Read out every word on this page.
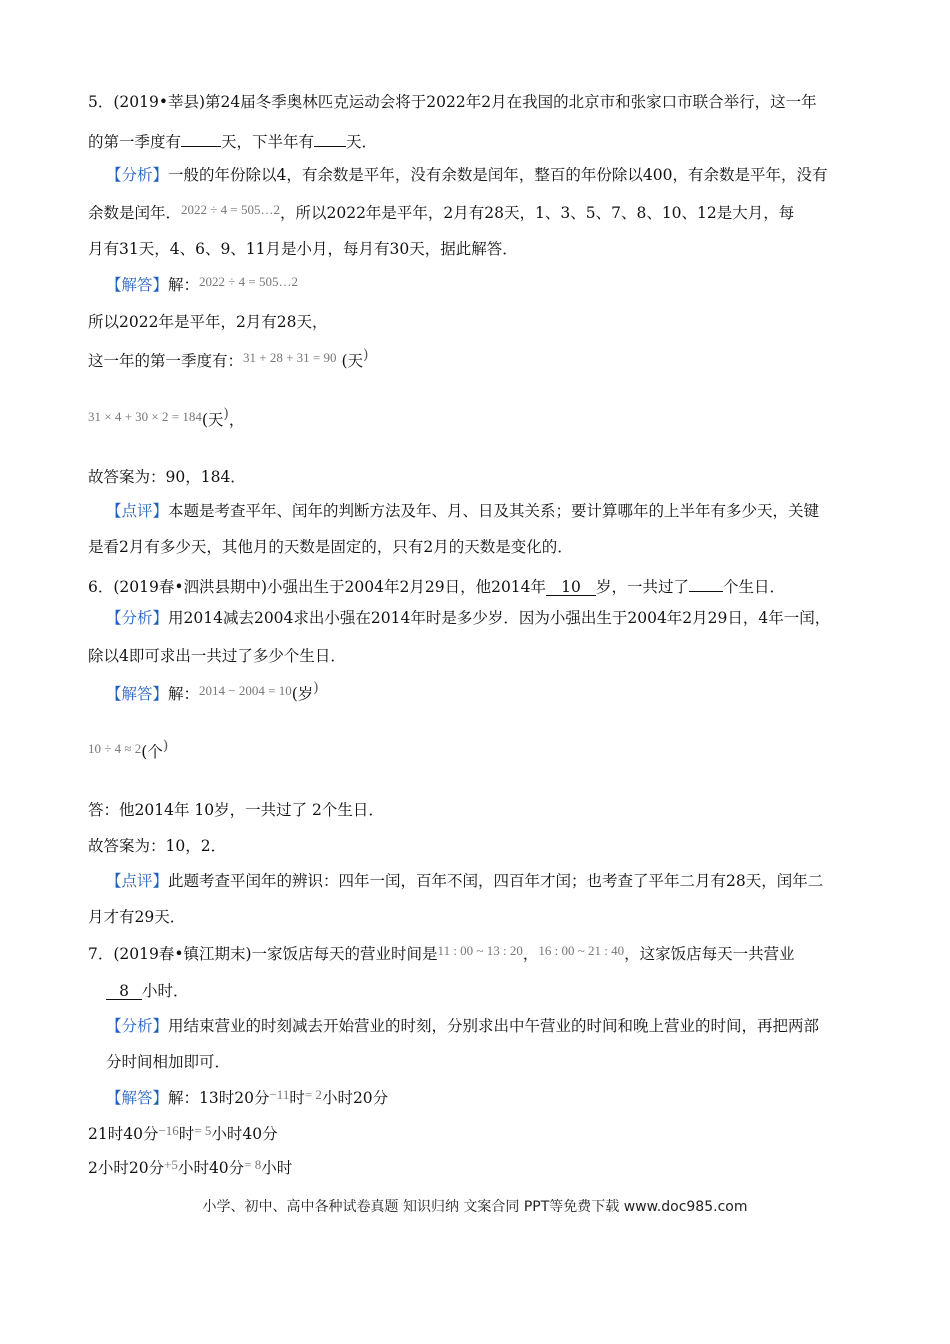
5．(2019•莘县)第24届冬季奥林匹克运动会将于2022年2月在我国的北京市和张家口市联合举行，这一年
的第一季度有	天，下半年有 天．
【分析】一般的年份除以4，有余数是平年，没有余数是闰年，整百的年份除以400，有余数是平年，没有
余数是闰年．$^{2022 \div 4 = 505\dots 2}$，所以2022年是平年，2月有28天，1、3、5、7、8、10、12是大月，每
月有31天，4、6、9、11月是小月，每月有30天，据此解答．
【解答】解：$^{2022 \div 4 = 505\dots 2}$
所以2022年是平年，2月有28天，
这一年的第一季度有：$^{31 + 28 + 31 = 90}$ (天)
$^{31 \times 4 + 30 \times 2 = 184}$(天)，
故答案为：90，184．
【点评】本题是考查平年、闰年的判断方法及年、月、日及其关系；要计算哪年的上半年有多少天，关键
是看2月有多少天，其他月的天数是固定的，只有2月的天数是变化的．
6．(2019春•泗洪县期中)小强出生于2004年2月29日，他2014年 10 岁，一共过了 个生日．
【分析】用2014减去2004求出小强在2014年时是多少岁．因为小强出生于2004年2月29日，4年一闰，
除以4即可求出一共过了多少个生日．
【解答】解：$^{2014 - 2004 = 10}$(岁)
$^{10 \div 4 \approx 2}$(个)
答：他2014年 10岁，一共过了 2个生日．
故答案为：10，2．
【点评】此题考查平闰年的辨识：四年一闰，百年不闰，四百年才闰；也考查了平年二月有28天，闰年二
月才有29天．
7．(2019春•镇江期末)一家饭店每天的营业时间是$^{11 : 00 \sim 13 : 20}$，$^{16 : 00 \sim 21 : 40}$，这家饭店每天一共营业
8 小时．
【分析】用结束营业的时刻减去开始营业的时刻，分别求出中午营业的时间和晚上营业的时间，再把两部
分时间相加即可．
【解答】解：13时20分$^{-11}$时$^{= 2}$小时20分
21时40分$^{-16}$时$^{= 5}$小时40分
2小时20分$^{+5}$小时40分$^{= 8}$小时
小学、初中、高中各种试卷真题 知识归纳 文案合同 PPT等免费下载 www.doc985.com
